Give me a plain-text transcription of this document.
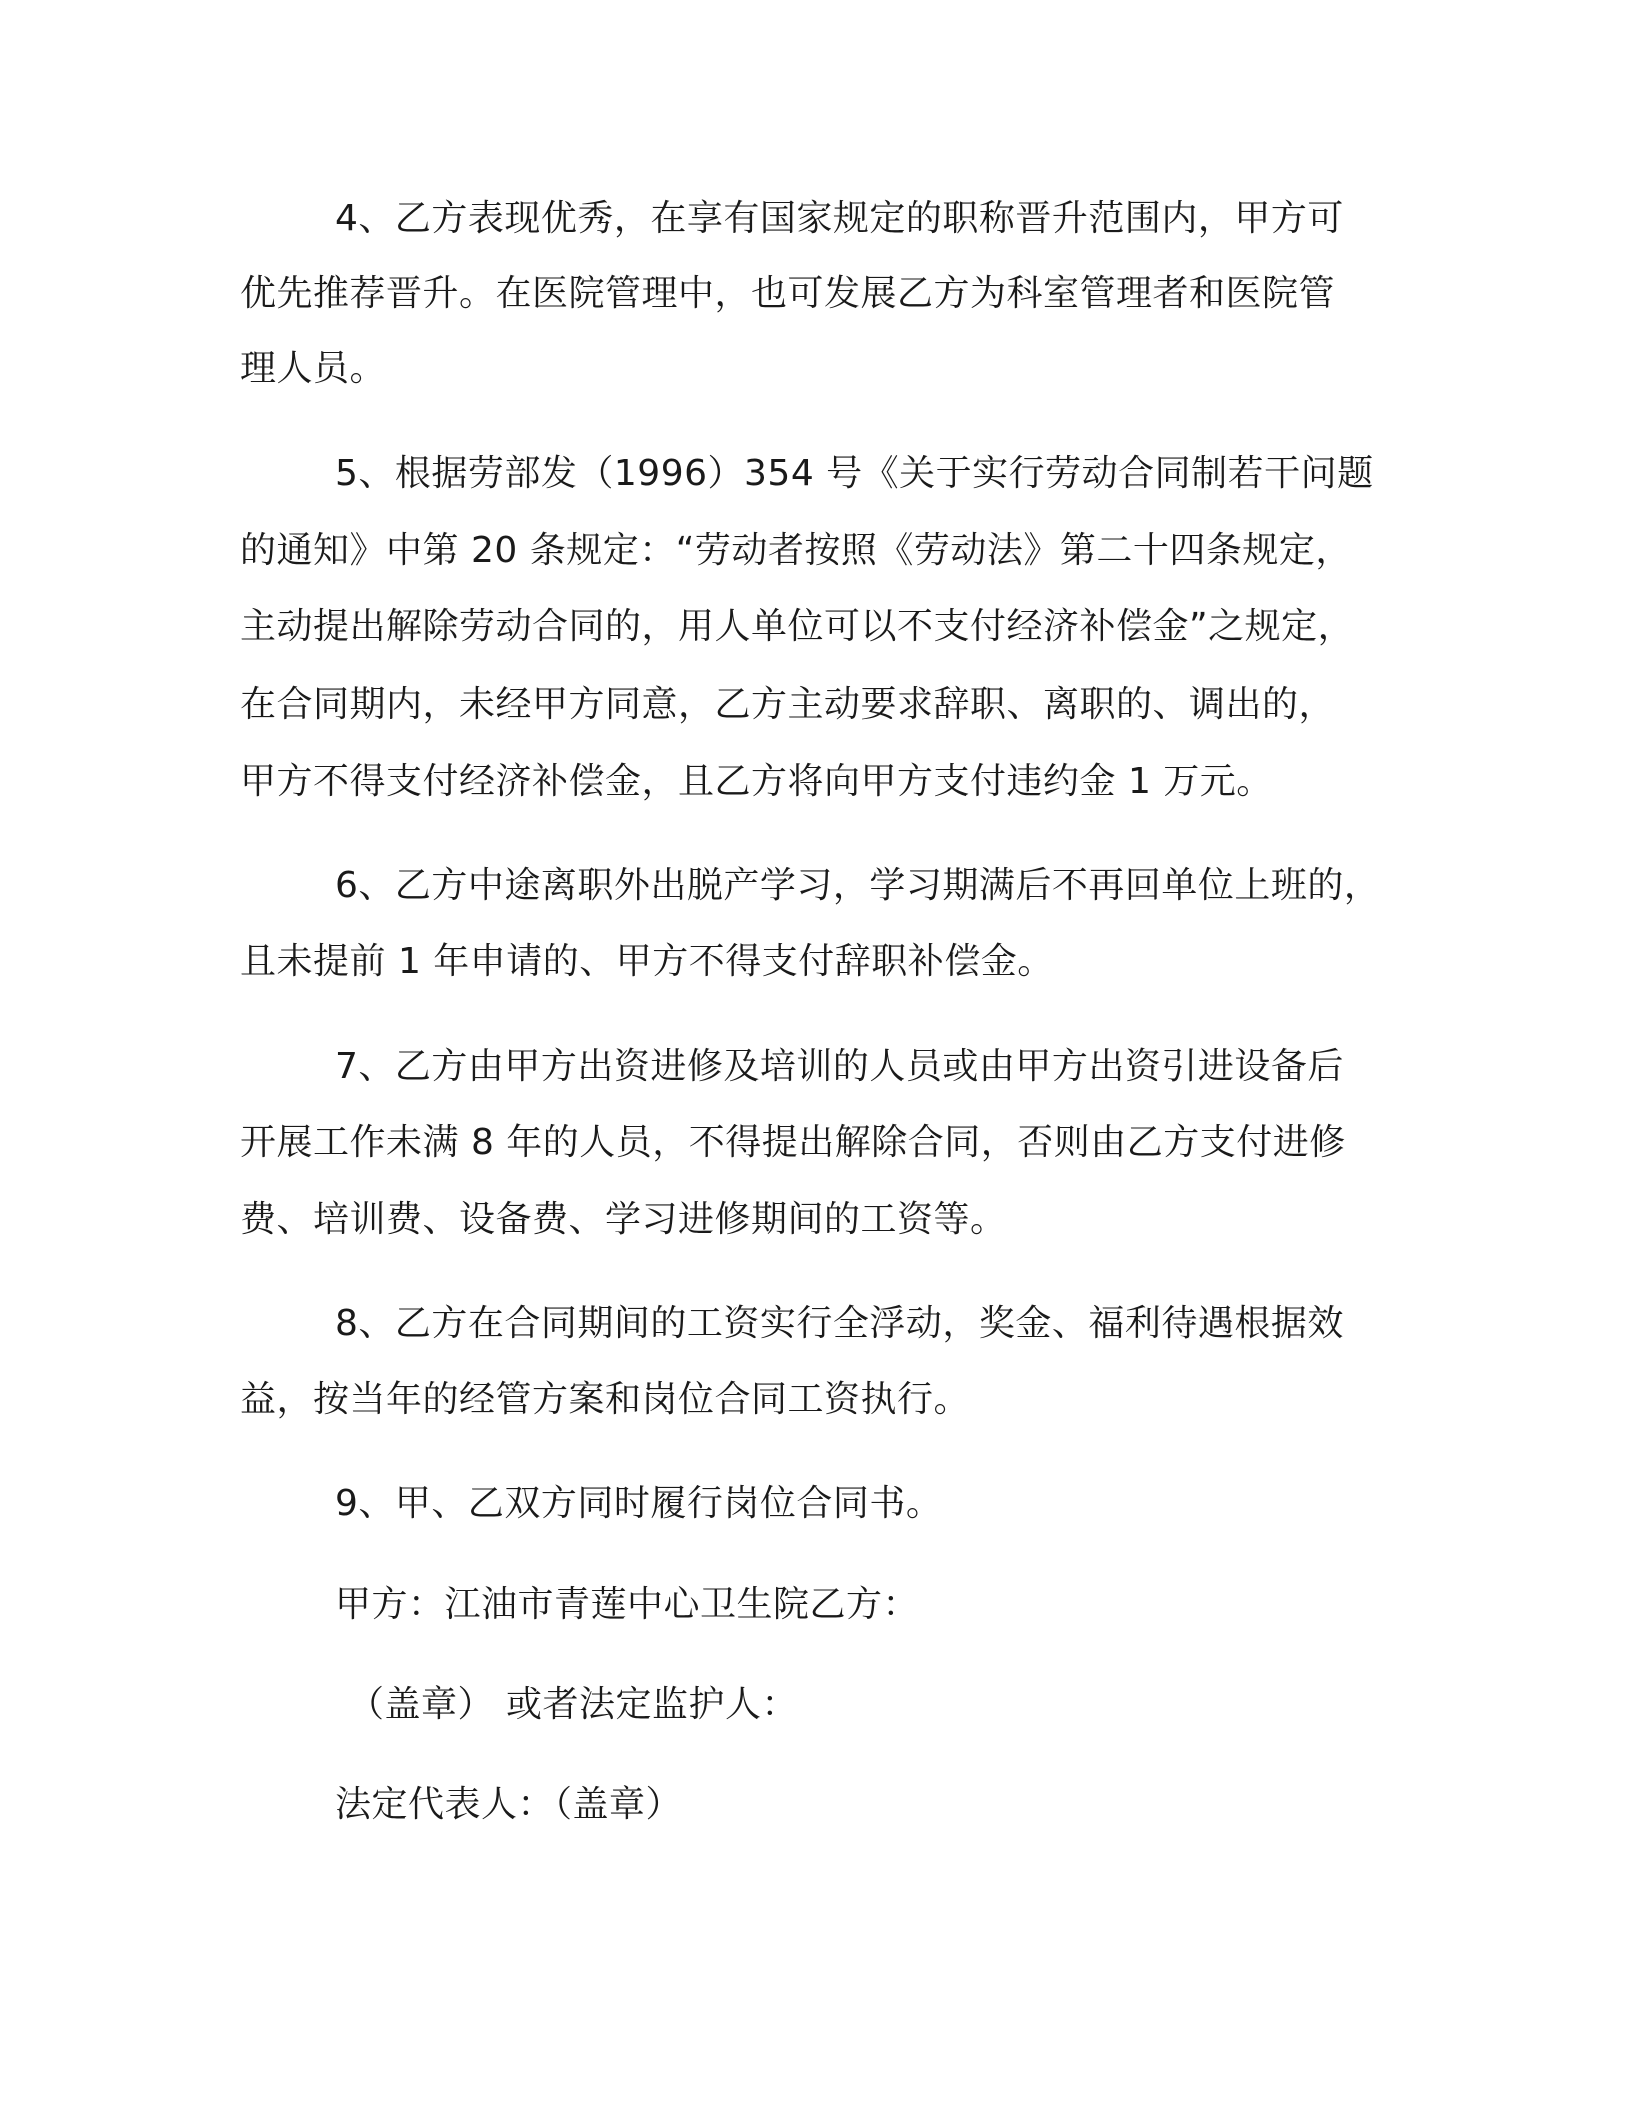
4、乙方表现优秀，在享有国家规定的职称晋升范围内，甲方可
优先推荐晋升。在医院管理中，也可发展乙方为科室管理者和医院管
理人员。
5、根据劳部发（1996）354 号《关于实行劳动合同制若干问题
的通知》中第 20 条规定：“劳动者按照《劳动法》第二十四条规定，
主动提出解除劳动合同的，用人单位可以不支付经济补偿金”之规定，
在合同期内，未经甲方同意，乙方主动要求辞职、离职的、调出的，
甲方不得支付经济补偿金，且乙方将向甲方支付违约金 1 万元。
6、乙方中途离职外出脱产学习，学习期满后不再回单位上班的，
且未提前 1 年申请的、甲方不得支付辞职补偿金。
7、乙方由甲方出资进修及培训的人员或由甲方出资引进设备后
开展工作未满 8 年的人员，不得提出解除合同，否则由乙方支付进修
费、培训费、设备费、学习进修期间的工资等。
8、乙方在合同期间的工资实行全浮动，奖金、福利待遇根据效
益，按当年的经管方案和岗位合同工资执行。
9、甲、乙双方同时履行岗位合同书。
甲方：江油市青莲中心卫生院乙方：
（盖章） 或者法定监护人：
法定代表人：（盖章）
